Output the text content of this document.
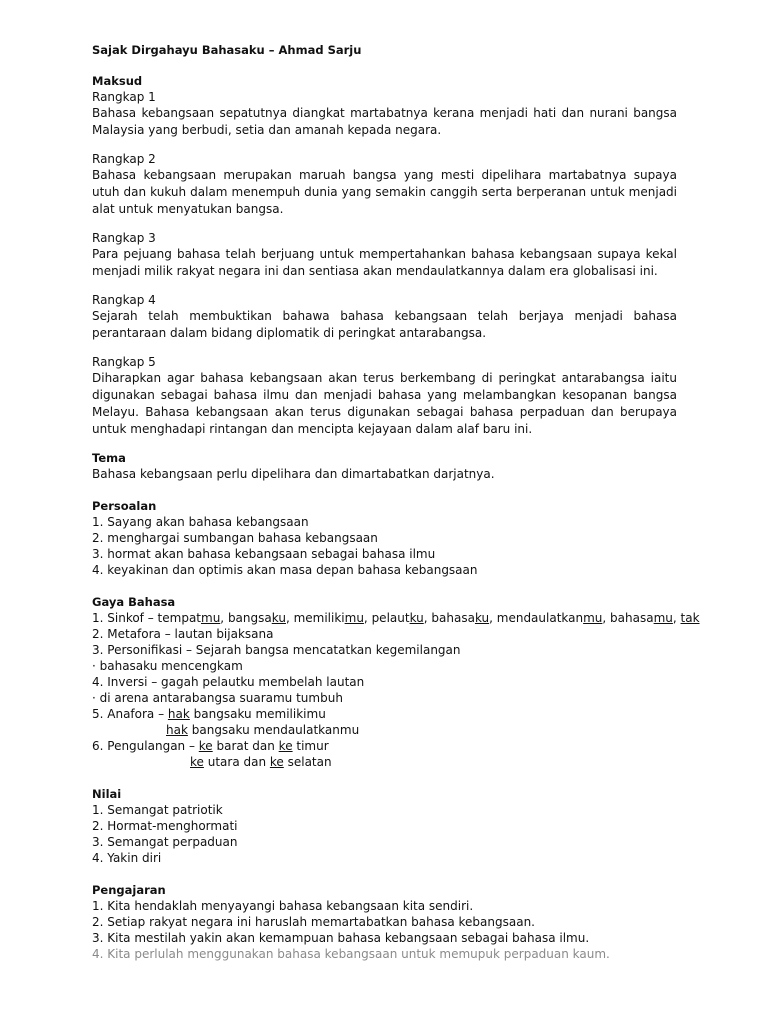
Sajak Dirgahayu Bahasaku – Ahmad Sarju
Maksud
Rangkap 1
Bahasa kebangsaan sepatutnya diangkat martabatnya kerana menjadi hati dan nurani bangsa Malaysia yang berbudi, setia dan amanah kepada negara.
Rangkap 2
Bahasa kebangsaan merupakan maruah bangsa yang mesti dipelihara martabatnya supaya utuh dan kukuh dalam menempuh dunia yang semakin canggih serta berperanan untuk menjadi alat untuk menyatukan bangsa.
Rangkap 3
Para pejuang bahasa telah berjuang untuk mempertahankan bahasa kebangsaan supaya kekal menjadi milik rakyat negara ini dan sentiasa akan mendaulatkannya dalam era globalisasi ini.
Rangkap 4
Sejarah telah membuktikan bahawa bahasa kebangsaan telah berjaya menjadi bahasa perantaraan dalam bidang diplomatik di peringkat antarabangsa.
Rangkap 5
Diharapkan agar bahasa kebangsaan akan terus berkembang di peringkat antarabangsa iaitu digunakan sebagai bahasa ilmu dan menjadi bahasa yang melambangkan kesopanan bangsa Melayu. Bahasa kebangsaan akan terus digunakan sebagai bahasa perpaduan dan berupaya untuk menghadapi rintangan dan mencipta kejayaan dalam alaf baru ini.
Tema
Bahasa kebangsaan perlu dipelihara dan dimartabatkan darjatnya.
Persoalan
1. Sayang akan bahasa kebangsaan
2. menghargai sumbangan bahasa kebangsaan
3. hormat akan bahasa kebangsaan sebagai bahasa ilmu
4. keyakinan dan optimis akan masa depan bahasa kebangsaan
Gaya Bahasa
1. Sinkof – tempatmu, bangsaku, memilikimu, pelautku, bahasaku, mendaulatkanmu, bahasamu, tak
2. Metafora – lautan bijaksana
3. Personifikasi – Sejarah bangsa mencatatkan kegemilangan
· bahasaku mencengkam
4. Inversi – gagah pelautku membelah lautan
· di arena antarabangsa suaramu tumbuh
5. Anafora – hak bangsaku memilikimu
hak bangsaku mendaulatkanmu
6. Pengulangan – ke barat dan ke timur
ke utara dan ke selatan
Nilai
1. Semangat patriotik
2. Hormat-menghormati
3. Semangat perpaduan
4. Yakin diri
Pengajaran
1. Kita hendaklah menyayangi bahasa kebangsaan kita sendiri.
2. Setiap rakyat negara ini haruslah memartabatkan bahasa kebangsaan.
3. Kita mestilah yakin akan kemampuan bahasa kebangsaan sebagai bahasa ilmu.
4. Kita perlulah menggunakan bahasa kebangsaan untuk memupuk perpaduan kaum.
